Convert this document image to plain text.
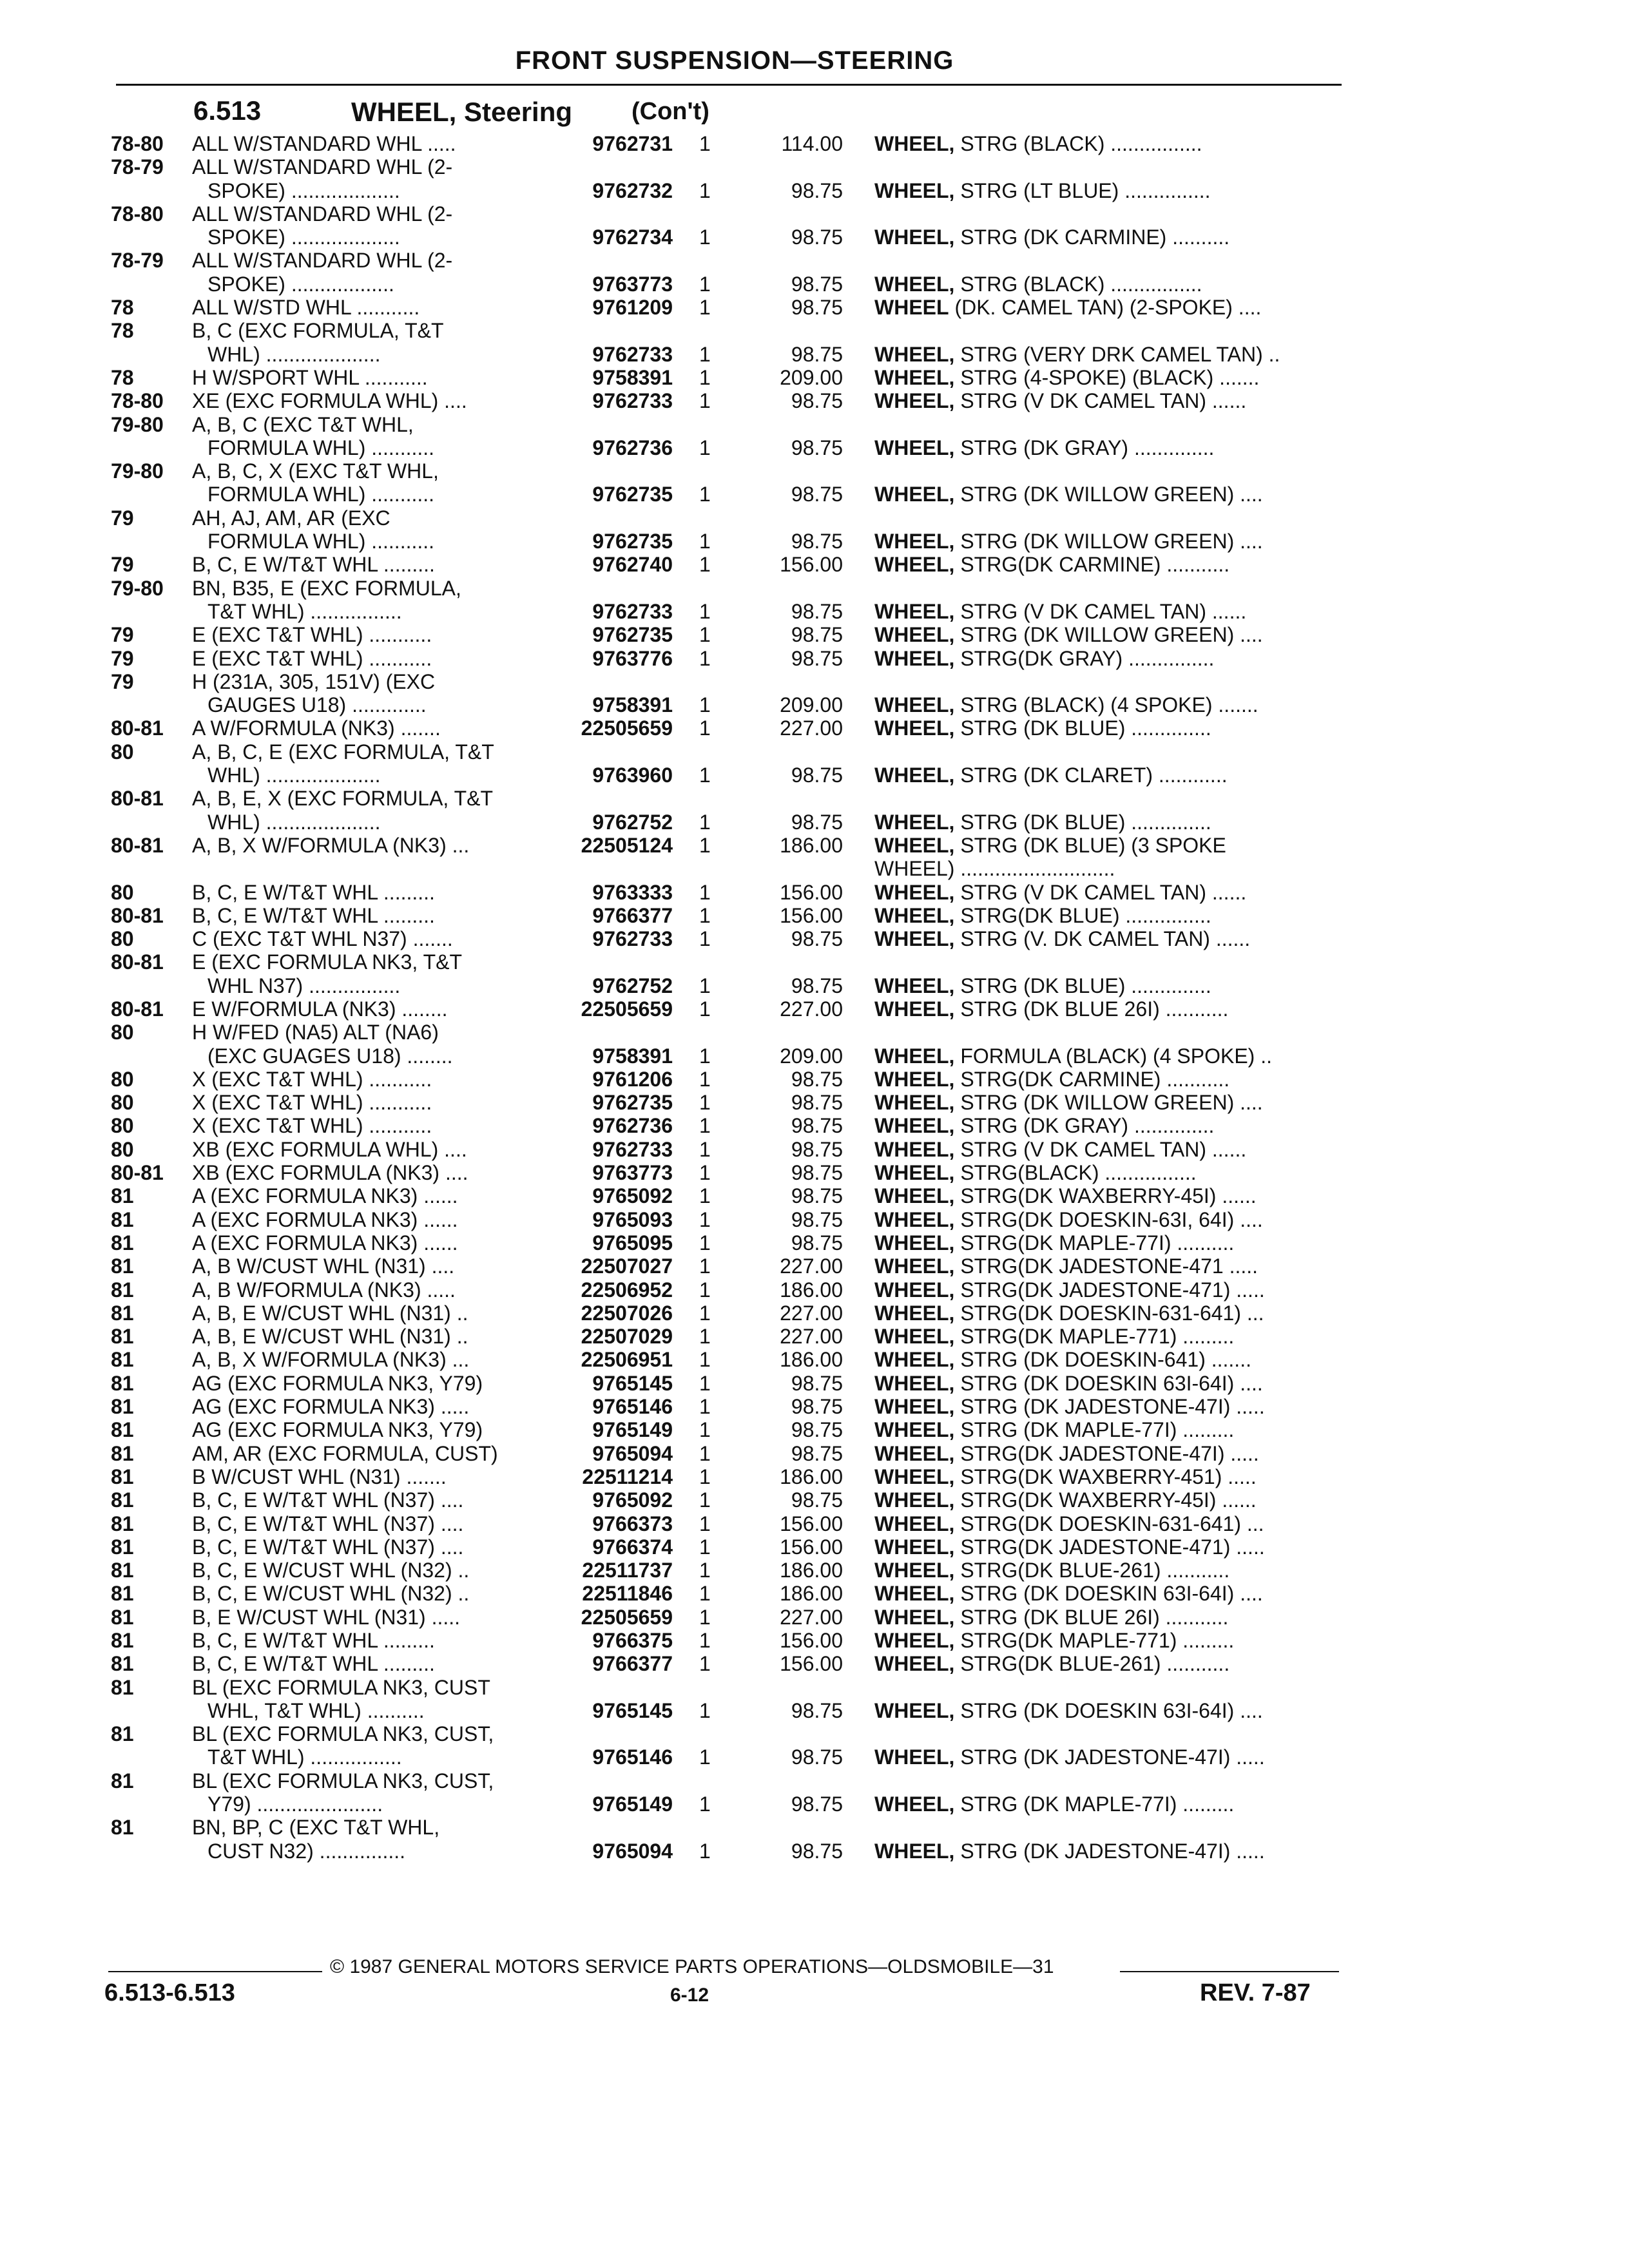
FRONT SUSPENSION—STEERING
6.513	WHEEL, Steering (Con't)
78-80 ALL W/STANDARD WHL .....	9762731 1	114.00 WHEEL, STRG (BLACK) ................
78-79 ALL W/STANDARD WHL (2-
SPOKE) ...................	9762732 1	98.75 WHEEL, STRG (LT BLUE) ...............
78-80 ALL W/STANDARD WHL (2-
SPOKE) ...................	9762734 1	98.75 WHEEL, STRG (DK CARMINE) ..........
78-79 ALL W/STANDARD WHL (2-
SPOKE) ..................	9763773 1	98.75 WHEEL, STRG (BLACK) ................
78	ALL W/STD WHL ...........	9761209 1	98.75 WHEEL (DK. CAMEL TAN) (2-SPOKE) ....
78	B, C (EXC FORMULA, T&T
WHL) ....................	9762733 1	98.75 WHEEL, STRG (VERY DRK CAMEL TAN) ..
78	H W/SPORT WHL ...........	9758391 1	209.00 WHEEL, STRG (4-SPOKE) (BLACK) .......
78-80 XE (EXC FORMULA WHL) ....	9762733 1	98.75 WHEEL, STRG (V DK CAMEL TAN) ......
79-80 A, B, C (EXC T&T WHL,
FORMULA WHL) ...........	9762736 1	98.75 WHEEL, STRG (DK GRAY) ..............
79-80 A, B, C, X (EXC T&T WHL,
FORMULA WHL) ...........	9762735 1	98.75 WHEEL, STRG (DK WILLOW GREEN) ....
79	AH, AJ, AM, AR (EXC
FORMULA WHL) ...........	9762735 1	98.75 WHEEL, STRG (DK WILLOW GREEN) ....
79	B, C, E W/T&T WHL .........	9762740 1	156.00 WHEEL, STRG(DK CARMINE) ...........
79-80 BN, B35, E (EXC FORMULA,
T&T WHL) ................	9762733 1	98.75 WHEEL, STRG (V DK CAMEL TAN) ......
79	E (EXC T&T WHL) ...........	9762735 1	98.75 WHEEL, STRG (DK WILLOW GREEN) ....
79	E (EXC T&T WHL) ...........	9763776 1	98.75 WHEEL, STRG(DK GRAY) ...............
79	H (231A, 305, 151V) (EXC
GAUGES U18) .............	9758391 1	209.00 WHEEL, STRG (BLACK) (4 SPOKE) .......
80-81 A W/FORMULA (NK3) .......	22505659 1	227.00 WHEEL, STRG (DK BLUE) ..............
80	A, B, C, E (EXC FORMULA, T&T
WHL) ....................	9763960 1	98.75 WHEEL, STRG (DK CLARET) ............
80-81 A, B, E, X (EXC FORMULA, T&T
WHL) ....................	9762752 1	98.75 WHEEL, STRG (DK BLUE) ..............
80-81 A, B, X W/FORMULA (NK3) ...	22505124 1	186.00 WHEEL, STRG (DK BLUE) (3 SPOKE
WHEEL) ...........................
80	B, C, E W/T&T WHL .........	9763333 1	156.00 WHEEL, STRG (V DK CAMEL TAN) ......
80-81 B, C, E W/T&T WHL .........	9766377 1	156.00 WHEEL, STRG(DK BLUE) ...............
80	C (EXC T&T WHL N37) .......	9762733 1	98.75 WHEEL, STRG (V. DK CAMEL TAN) ......
80-81 E (EXC FORMULA NK3, T&T
WHL N37) ................	9762752 1	98.75 WHEEL, STRG (DK BLUE) ..............
80-81 E W/FORMULA (NK3) ........	22505659 1	227.00 WHEEL, STRG (DK BLUE 26I) ...........
80	H W/FED (NA5) ALT (NA6)
(EXC GUAGES U18) ........	9758391 1	209.00 WHEEL, FORMULA (BLACK) (4 SPOKE) ..
80	X (EXC T&T WHL) ...........	9761206 1	98.75 WHEEL, STRG(DK CARMINE) ...........
80	X (EXC T&T WHL) ...........	9762735 1	98.75 WHEEL, STRG (DK WILLOW GREEN) ....
80	X (EXC T&T WHL) ...........	9762736 1	98.75 WHEEL, STRG (DK GRAY) ..............
80	XB (EXC FORMULA WHL) ....	9762733 1	98.75 WHEEL, STRG (V DK CAMEL TAN) ......
80-81 XB (EXC FORMULA (NK3) ....	9763773 1	98.75 WHEEL, STRG(BLACK) ................
81	A (EXC FORMULA NK3) ......	9765092 1	98.75 WHEEL, STRG(DK WAXBERRY-45I) ......
81	A (EXC FORMULA NK3) ......	9765093 1	98.75 WHEEL, STRG(DK DOESKIN-63I, 64I) ....
81	A (EXC FORMULA NK3) ......	9765095 1	98.75 WHEEL, STRG(DK MAPLE-77I) ..........
81	A, B W/CUST WHL (N31) ....	22507027 1	227.00 WHEEL, STRG(DK JADESTONE-471 .....
81	A, B W/FORMULA (NK3) .....	22506952 1	186.00 WHEEL, STRG(DK JADESTONE-471) .....
81	A, B, E W/CUST WHL (N31) ..	22507026 1	227.00 WHEEL, STRG(DK DOESKIN-631-641) ...
81	A, B, E W/CUST WHL (N31) ..	22507029 1	227.00 WHEEL, STRG(DK MAPLE-771) .........
81	A, B, X W/FORMULA (NK3) ...	22506951 1	186.00 WHEEL, STRG (DK DOESKIN-641) .......
81	AG (EXC FORMULA NK3, Y79)	9765145 1	98.75 WHEEL, STRG (DK DOESKIN 63I-64I) ....
81	AG (EXC FORMULA NK3) .....	9765146 1	98.75 WHEEL, STRG (DK JADESTONE-47I) .....
81	AG (EXC FORMULA NK3, Y79)	9765149 1	98.75 WHEEL, STRG (DK MAPLE-77I) .........
81	AM, AR (EXC FORMULA, CUST)	9765094 1	98.75 WHEEL, STRG(DK JADESTONE-47I) .....
81	B W/CUST WHL (N31) .......	22511214 1	186.00 WHEEL, STRG(DK WAXBERRY-451) .....
81	B, C, E W/T&T WHL (N37) ....	9765092 1	98.75 WHEEL, STRG(DK WAXBERRY-45I) ......
81	B, C, E W/T&T WHL (N37) ....	9766373 1	156.00 WHEEL, STRG(DK DOESKIN-631-641) ...
81	B, C, E W/T&T WHL (N37) ....	9766374 1	156.00 WHEEL, STRG(DK JADESTONE-471) .....
81	B, C, E W/CUST WHL (N32) ..	22511737 1	186.00 WHEEL, STRG(DK BLUE-261) ...........
81	B, C, E W/CUST WHL (N32) ..	22511846 1	186.00 WHEEL, STRG (DK DOESKIN 63I-64I) ....
81	B, E W/CUST WHL (N31) .....	22505659 1	227.00 WHEEL, STRG (DK BLUE 26I) ...........
81	B, C, E W/T&T WHL .........	9766375 1	156.00 WHEEL, STRG(DK MAPLE-771) .........
81	B, C, E W/T&T WHL .........	9766377 1	156.00 WHEEL, STRG(DK BLUE-261) ...........
81	BL (EXC FORMULA NK3, CUST
WHL, T&T WHL) ..........	9765145 1	98.75 WHEEL, STRG (DK DOESKIN 63I-64I) ....
81	BL (EXC FORMULA NK3, CUST,
T&T WHL) ................	9765146 1	98.75 WHEEL, STRG (DK JADESTONE-47I) .....
81	BL (EXC FORMULA NK3, CUST,
Y79) ......................	9765149 1	98.75 WHEEL, STRG (DK MAPLE-77I) .........
81	BN, BP, C (EXC T&T WHL,
CUST N32) ...............	9765094 1	98.75 WHEEL, STRG (DK JADESTONE-47I) .....
© 1987 GENERAL MOTORS SERVICE PARTS OPERATIONS—OLDSMOBILE—31
6.513-6.513	6-12	REV. 7-87
